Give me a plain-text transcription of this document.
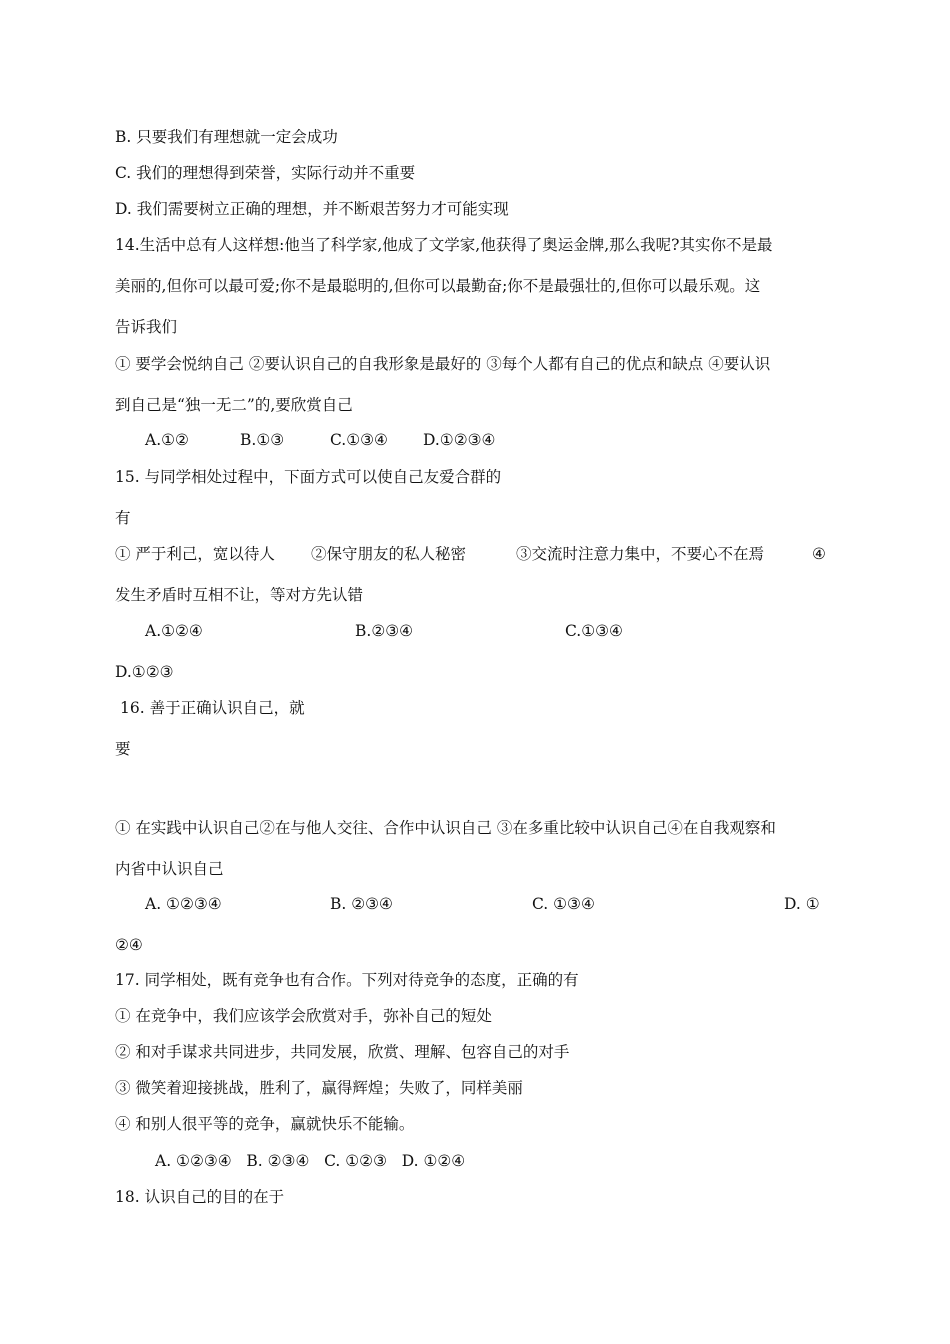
B. 只要我们有理想就一定会成功
C. 我们的理想得到荣誉，实际行动并不重要
D. 我们需要树立正确的理想，并不断艰苦努力才可能实现
14.生活中总有人这样想:他当了科学家,他成了文学家,他获得了奥运金牌,那么我呢?其实你不是最
美丽的,但你可以最可爱;你不是最聪明的,但你可以最勤奋;你不是最强壮的,但你可以最乐观。这
告诉我们
① 要学会悦纳自己 ②要认识自己的自我形象是最好的 ③每个人都有自己的优点和缺点 ④要认识
到自己是“独一无二”的,要欣赏自己
A.①②	B.①③	C.①③④ D.①②③④
15. 与同学相处过程中，下面方式可以使自己友爱合群的
有
① 严于利己，宽以待人 ②保守朋友的私人秘密	③交流时注意力集中，不要心不在焉	④
发生矛盾时互相不让，等对方先认错
A.①②④	B.②③④	C.①③④
D.①②③
16. 善于正确认识自己，就
要
① 在实践中认识自己②在与他人交往、合作中认识自己 ③在多重比较中认识自己④在自我观察和
内省中认识自己
A. ①②③④	B. ②③④	C. ①③④	D. ①
②④
17. 同学相处，既有竞争也有合作。下列对待竞争的态度，正确的有
① 在竞争中，我们应该学会欣赏对手，弥补自己的短处
② 和对手谋求共同进步，共同发展，欣赏、理解、包容自己的对手
③ 微笑着迎接挑战，胜利了，赢得辉煌；失败了，同样美丽
④ 和别人很平等的竞争，赢就快乐不能输。
A. ①②③④   B. ②③④   C. ①②③   D. ①②④
18. 认识自己的目的在于
